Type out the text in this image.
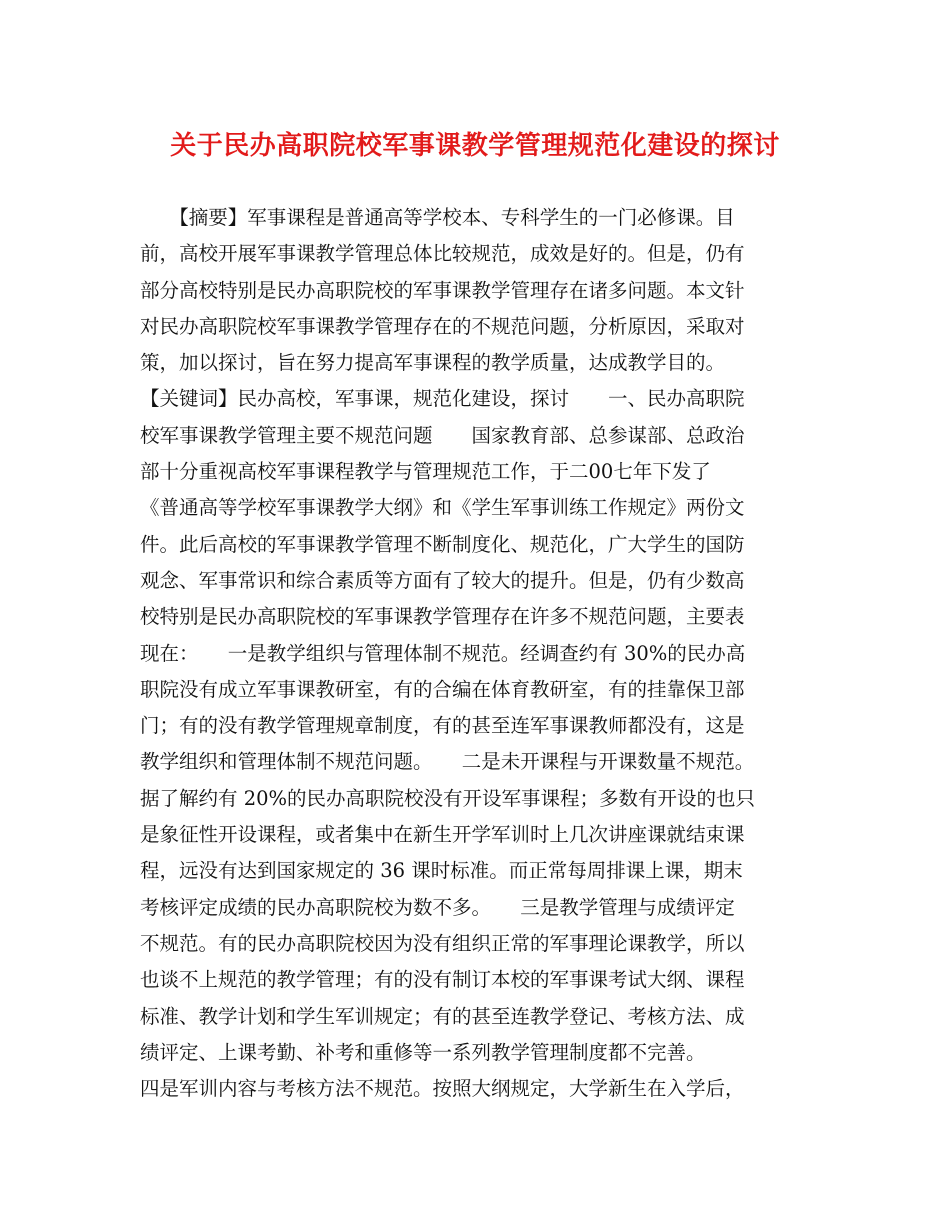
关于民办高职院校军事课教学管理规范化建设的探讨
　　【摘要】军事课程是普通高等学校本、专科学生的一门必修课。目
前，高校开展军事课教学管理总体比较规范，成效是好的。但是，仍有
部分高校特别是民办高职院校的军事课教学管理存在诸多问题。本文针
对民办高职院校军事课教学管理存在的不规范问题，分析原因，采取对
策，加以探讨，旨在努力提高军事课程的教学质量，达成教学目的。
【关键词】民办高校，军事课，规范化建设，探讨　　一、民办高职院
校军事课教学管理主要不规范问题　　国家教育部、总参谋部、总政治
部十分重视高校军事课程教学与管理规范工作，于二00七年下发了
《普通高等学校军事课教学大纲》和《学生军事训练工作规定》两份文
件。此后高校的军事课教学管理不断制度化、规范化，广大学生的国防
观念、军事常识和综合素质等方面有了较大的提升。但是，仍有少数高
校特别是民办高职院校的军事课教学管理存在许多不规范问题，主要表
现在：　　一是教学组织与管理体制不规范。经调查约有 30%的民办高
职院没有成立军事课教研室，有的合编在体育教研室，有的挂靠保卫部
门；有的没有教学管理规章制度，有的甚至连军事课教师都没有，这是
教学组织和管理体制不规范问题。　　二是未开课程与开课数量不规范。
据了解约有 20%的民办高职院校没有开设军事课程；多数有开设的也只
是象征性开设课程，或者集中在新生开学军训时上几次讲座课就结束课
程，远没有达到国家规定的 36 课时标准。而正常每周排课上课，期末
考核评定成绩的民办高职院校为数不多。　　三是教学管理与成绩评定
不规范。有的民办高职院校因为没有组织正常的军事理论课教学，所以
也谈不上规范的教学管理；有的没有制订本校的军事课考试大纲、课程
标准、教学计划和学生军训规定；有的甚至连教学登记、考核方法、成
绩评定、上课考勤、补考和重修等一系列教学管理制度都不完善。
四是军训内容与考核方法不规范。按照大纲规定，大学新生在入学后，
